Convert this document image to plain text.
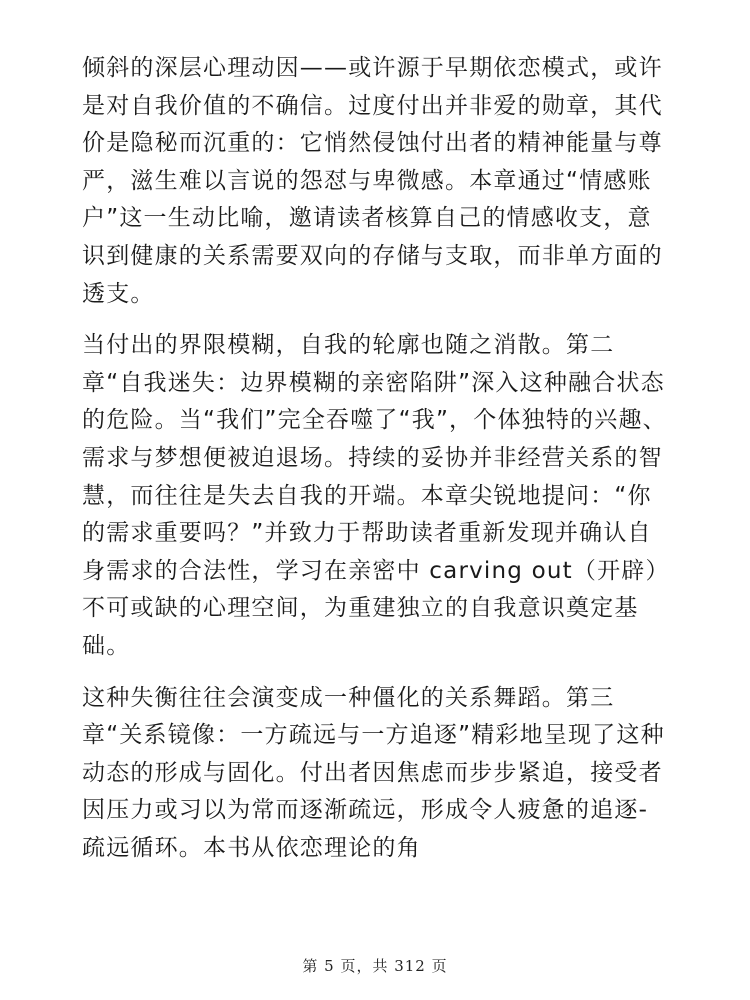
倾斜的深层心理动因——或许源于早期依恋模式，或许是对自我价值的不确信。过度付出并非爱的勋章，其代价是隐秘而沉重的：它悄然侵蚀付出者的精神能量与尊严，滋生难以言说的怨怼与卑微感。本章通过“情感账户”这一生动比喻，邀请读者核算自己的情感收支，意识到健康的关系需要双向的存储与支取，而非单方面的透支。

当付出的界限模糊，自我的轮廓也随之消散。第二章“自我迷失：边界模糊的亲密陷阱”深入这种融合状态的危险。当“我们”完全吞噬了“我”，个体独特的兴趣、需求与梦想便被迫退场。持续的妥协并非经营关系的智慧，而往往是失去自我的开端。本章尖锐地提问：“你的需求重要吗？”并致力于帮助读者重新发现并确认自身需求的合法性，学习在亲密中 carving out（开辟）不可或缺的心理空间，为重建独立的自我意识奠定基础。

这种失衡往往会演变成一种僵化的关系舞蹈。第三章“关系镜像：一方疏远与一方追逐”精彩地呈现了这种动态的形成与固化。付出者因焦虑而步步紧追，接受者因压力或习以为常而逐渐疏远，形成令人疲惫的追逐-疏远循环。本书从依恋理论的角

第 5 页，共 312 页
